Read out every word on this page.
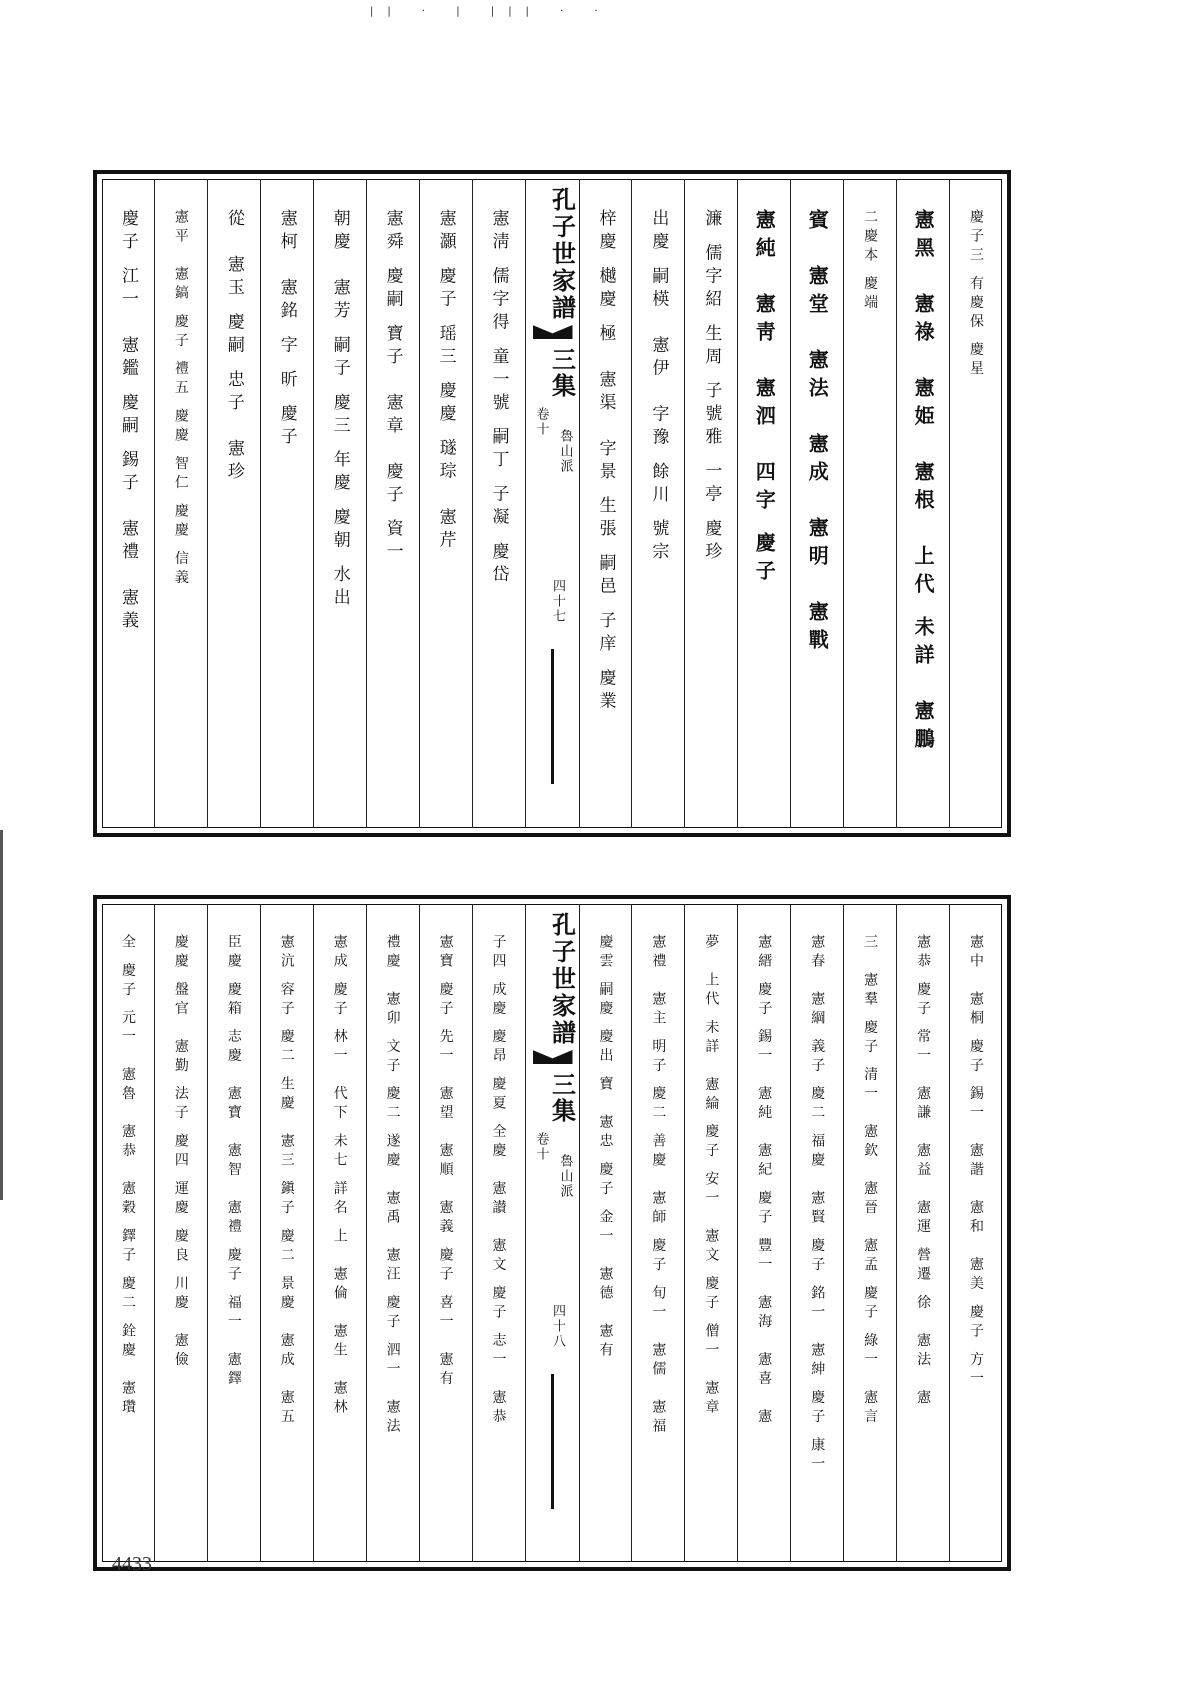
|| · | ||| · ·
慶子三 有慶保 慶星
憲黑　憲祿　憲姫　憲根　上代 未詳　憲鵬
二慶本 慶端
賓　憲堂　憲法　憲成　憲明　憲戰
憲純　憲靑　憲泗　四字 慶子
濂 儒字紹 生周 子號雅 一亭 慶珍
出慶 嗣楧　憲伊　字豫 餘川 號宗
梓慶 樾慶 極　憲渠　字景 生張 嗣邑 子庠 慶業
孔子世家譜
三集
卷十
魯山派
四十七
憲淸 儒字得 童一號 嗣丁 子凝 慶岱
憲灝 慶子 瑶三 慶慶 璲琮　憲芹
憲舜 慶嗣 寶子　憲章　慶子 資一
朝慶　憲芳 嗣子 慶三 年慶 慶朝 水出
憲柯　憲銘 字 昕 慶子
從　憲玉 慶嗣 忠子　憲珍
憲平　憲鎬 慶子 禮五 慶慶 智仁 慶慶 信義
慶子 江一　憲鑑 慶嗣 錫子　憲禮　憲義
憲中　憲桐 慶子 錫一　憲諧　憲和　憲美 慶子 方一
憲恭 慶子 常一　憲謙　憲益　憲運 營遷 徐　憲法　憲
三　憲羣 慶子 清一　憲欽　憲晉　憲孟 慶子 綠一　憲言
憲春　憲綱 義子 慶二 福慶　憲賢 慶子 銘一　憲紳 慶子 康一
憲縉 慶子 錫一　憲純　憲紀 慶子 豐一　憲海　憲喜　憲
夢　上代 未詳　憲綸 慶子 安一　憲文 慶子 僧一　憲章
憲禮　憲主 明子 慶二 善慶　憲師 慶子 旬一　憲儒　憲福
慶雲 嗣慶 慶出 寶　憲忠 慶子 金一　憲德　憲有
孔子世家譜
三集
卷十
魯山派
四十八
子四 成慶 慶昂 慶夏 全慶　憲讃　憲文 慶子 志一　憲恭
憲寶 慶子 先一　憲望　憲順　憲義 慶子 喜一　憲有
禮慶　憲卯 文子 慶二 遂慶　憲禹　憲汪 慶子 泗一　憲法
憲成 慶子 林一　代下 未七 詳名 上　憲倫　憲生　憲林
憲沆 容子 慶二 生慶　憲三 鎭子 慶二 景慶　憲成　憲五
臣慶 慶箱 志慶　憲寶　憲智　憲禮 慶子 福一　憲鐸
慶慶 盤官　憲勤 法子 慶四 運慶 慶良 川慶　憲儉
全 慶子 元一　憲魯　憲恭　憲穀 鐸子 慶二 銓慶　憲瓚
4433
